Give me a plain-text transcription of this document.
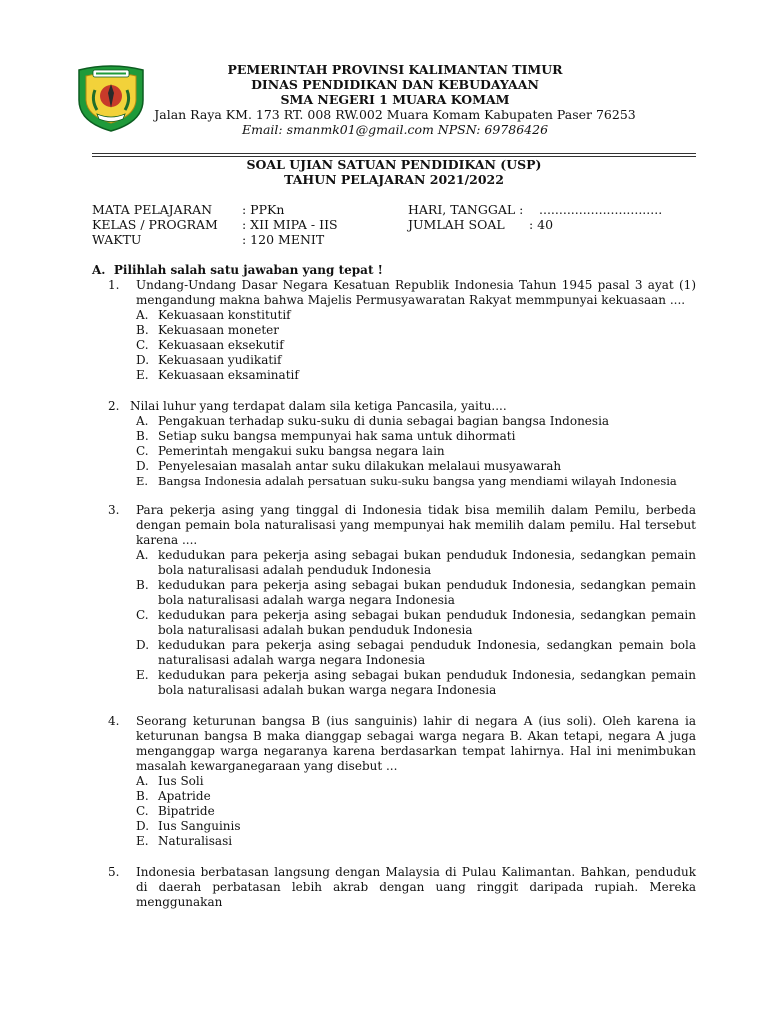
PEMERINTAH PROVINSI KALIMANTAN TIMUR
DINAS PENDIDIKAN DAN KEBUDAYAAN
SMA NEGERI 1 MUARA KOMAM
Jalan Raya KM. 173 RT. 008 RW.002 Muara Komam Kabupaten Paser 76253
Email: smanmk01@gmail.com NPSN: 69786426
SOAL UJIAN SATUAN PENDIDIKAN (USP)
TAHUN PELAJARAN 2021/2022
MATA PELAJARAN : PPKn	HARI, TANGGAL : ...............................
KELAS / PROGRAM : XII MIPA - IIS	JUMLAH SOAL : 40
WAKTU	: 120 MENIT
A. Pilihlah salah satu jawaban yang tepat !
1. Undang-Undang Dasar Negara Kesatuan Republik Indonesia Tahun 1945 pasal 3 ayat (1) mengandung makna bahwa Majelis Permusyawaratan Rakyat memmpunyai kekuasaan ....
A. Kekuasaan konstitutif
B. Kekuasaan moneter
C. Kekuasaan eksekutif
D. Kekuasaan yudikatif
E. Kekuasaan eksaminatif
2. Nilai luhur yang terdapat dalam sila ketiga Pancasila, yaitu....
A. Pengakuan terhadap suku-suku di dunia sebagai bagian bangsa Indonesia
B. Setiap suku bangsa mempunyai hak sama untuk dihormati
C. Pemerintah mengakui suku bangsa negara lain
D. Penyelesaian masalah antar suku dilakukan melalaui musyawarah
E. Bangsa Indonesia adalah persatuan suku-suku bangsa yang mendiami wilayah Indonesia
3. Para pekerja asing yang tinggal di Indonesia tidak bisa memilih dalam Pemilu, berbeda dengan pemain bola naturalisasi yang mempunyai hak memilih dalam pemilu. Hal tersebut karena ....
A. kedudukan para pekerja asing sebagai bukan penduduk Indonesia, sedangkan pemain bola naturalisasi adalah penduduk Indonesia
B. kedudukan para pekerja asing sebagai bukan penduduk Indonesia, sedangkan pemain bola naturalisasi adalah warga negara Indonesia
C. kedudukan para pekerja asing sebagai bukan penduduk Indonesia, sedangkan pemain bola naturalisasi adalah bukan penduduk Indonesia
D. kedudukan para pekerja asing sebagai penduduk Indonesia, sedangkan pemain bola naturalisasi adalah warga negara Indonesia
E. kedudukan para pekerja asing sebagai bukan penduduk Indonesia, sedangkan pemain bola naturalisasi adalah bukan warga negara Indonesia
4. Seorang keturunan bangsa B (ius sanguinis) lahir di negara A (ius soli). Oleh karena ia keturunan bangsa B maka dianggap sebagai warga negara B. Akan tetapi, negara A juga menganggap warga negaranya karena berdasarkan tempat lahirnya. Hal ini menimbukan masalah kewarganegaraan yang disebut ...
A. Ius Soli
B. Apatride
C. Bipatride
D. Ius Sanguinis
E. Naturalisasi
5. Indonesia berbatasan langsung dengan Malaysia di Pulau Kalimantan. Bahkan, penduduk di daerah perbatasan lebih akrab dengan uang ringgit daripada rupiah. Mereka menggunakan
